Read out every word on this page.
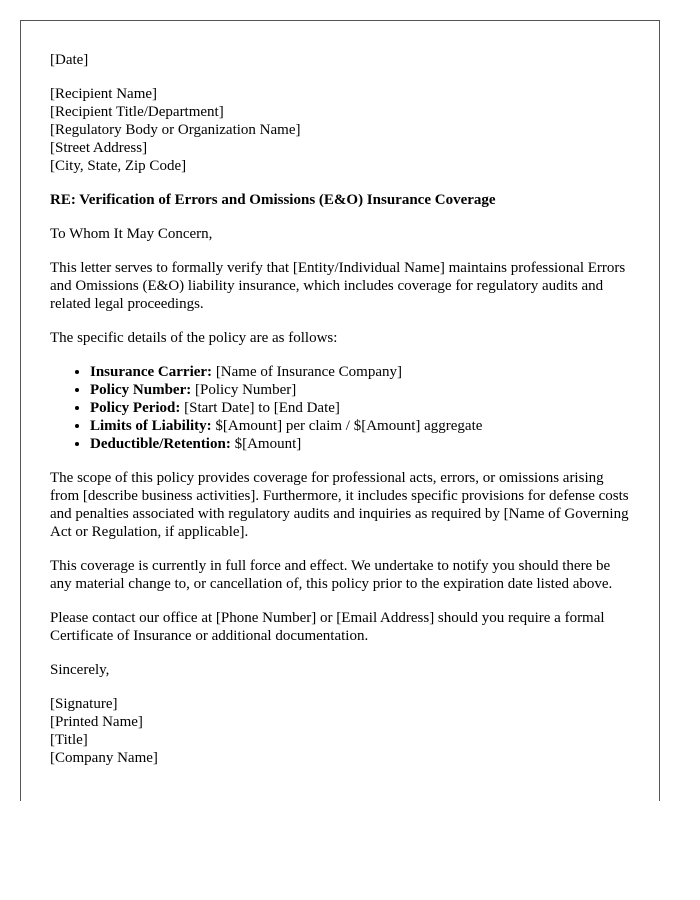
[Date]

[Recipient Name]
[Recipient Title/Department]
[Regulatory Body or Organization Name]
[Street Address]
[City, State, Zip Code]

RE: Verification of Errors and Omissions (E&O) Insurance Coverage

To Whom It May Concern,

This letter serves to formally verify that [Entity/Individual Name] maintains professional Errors and Omissions (E&O) liability insurance, which includes coverage for regulatory audits and related legal proceedings.

The specific details of the policy are as follows:

• Insurance Carrier: [Name of Insurance Company]
• Policy Number: [Policy Number]
• Policy Period: [Start Date] to [End Date]
• Limits of Liability: $[Amount] per claim / $[Amount] aggregate
• Deductible/Retention: $[Amount]

The scope of this policy provides coverage for professional acts, errors, or omissions arising from [describe business activities]. Furthermore, it includes specific provisions for defense costs and penalties associated with regulatory audits and inquiries as required by [Name of Governing Act or Regulation, if applicable].

This coverage is currently in full force and effect. We undertake to notify you should there be any material change to, or cancellation of, this policy prior to the expiration date listed above.

Please contact our office at [Phone Number] or [Email Address] should you require a formal Certificate of Insurance or additional documentation.

Sincerely,

[Signature]
[Printed Name]
[Title]
[Company Name]
